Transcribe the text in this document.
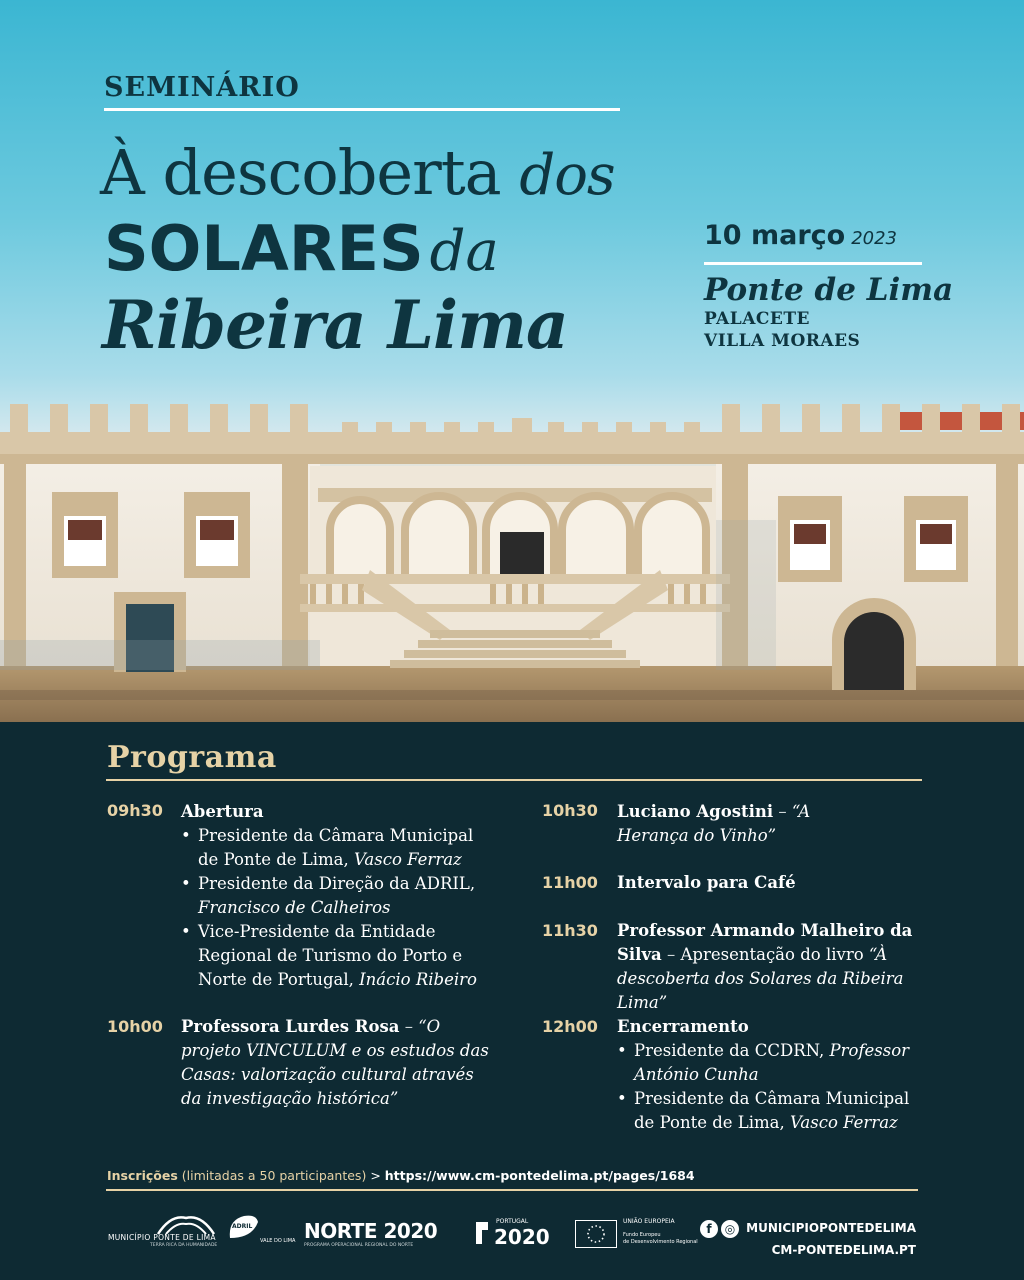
SEMINÁRIO
À descoberta dos
SOLARES da
Ribeira Lima
10 março 2023
Ponte de Lima
PALACETE
VILLA MORAES
Programa
09h30 Abertura
• Presidente da Câmara Municipal de Ponte de Lima, Vasco Ferraz
• Presidente da Direção da ADRIL, Francisco de Calheiros
• Vice-Presidente da Entidade Regional de Turismo do Porto e Norte de Portugal, Inácio Ribeiro
10h00 Professora Lurdes Rosa – “O projeto VINCULUM e os estudos das Casas: valorização cultural através da investigação histórica”
10h30 Luciano Agostini – “A Herança do Vinho”
11h00 Intervalo para Café
11h30 Professor Armando Malheiro da Silva – Apresentação do livro “À descoberta dos Solares da Ribeira Lima”
12h00 Encerramento
• Presidente da CCDRN, Professor António Cunha
• Presidente da Câmara Municipal de Ponte de Lima, Vasco Ferraz
Inscrições (limitadas a 50 participantes) > https://www.cm-pontedelima.pt/pages/1684
MUNICÍPIO PONTE DE LIMA
TERRA RICA DA HUMANIDADE
ADRIL
VALE DO LIMA NORTE 2020
PROGRAMA OPERACIONAL REGIONAL DO NORTE
PORTUGAL
2020
UNIÃO EUROPEIA
Fundo Europeu
de Desenvolvimento Regional
f ◎ MUNICIPIOPONTEDELIMA
CM-PONTEDELIMA.PT
